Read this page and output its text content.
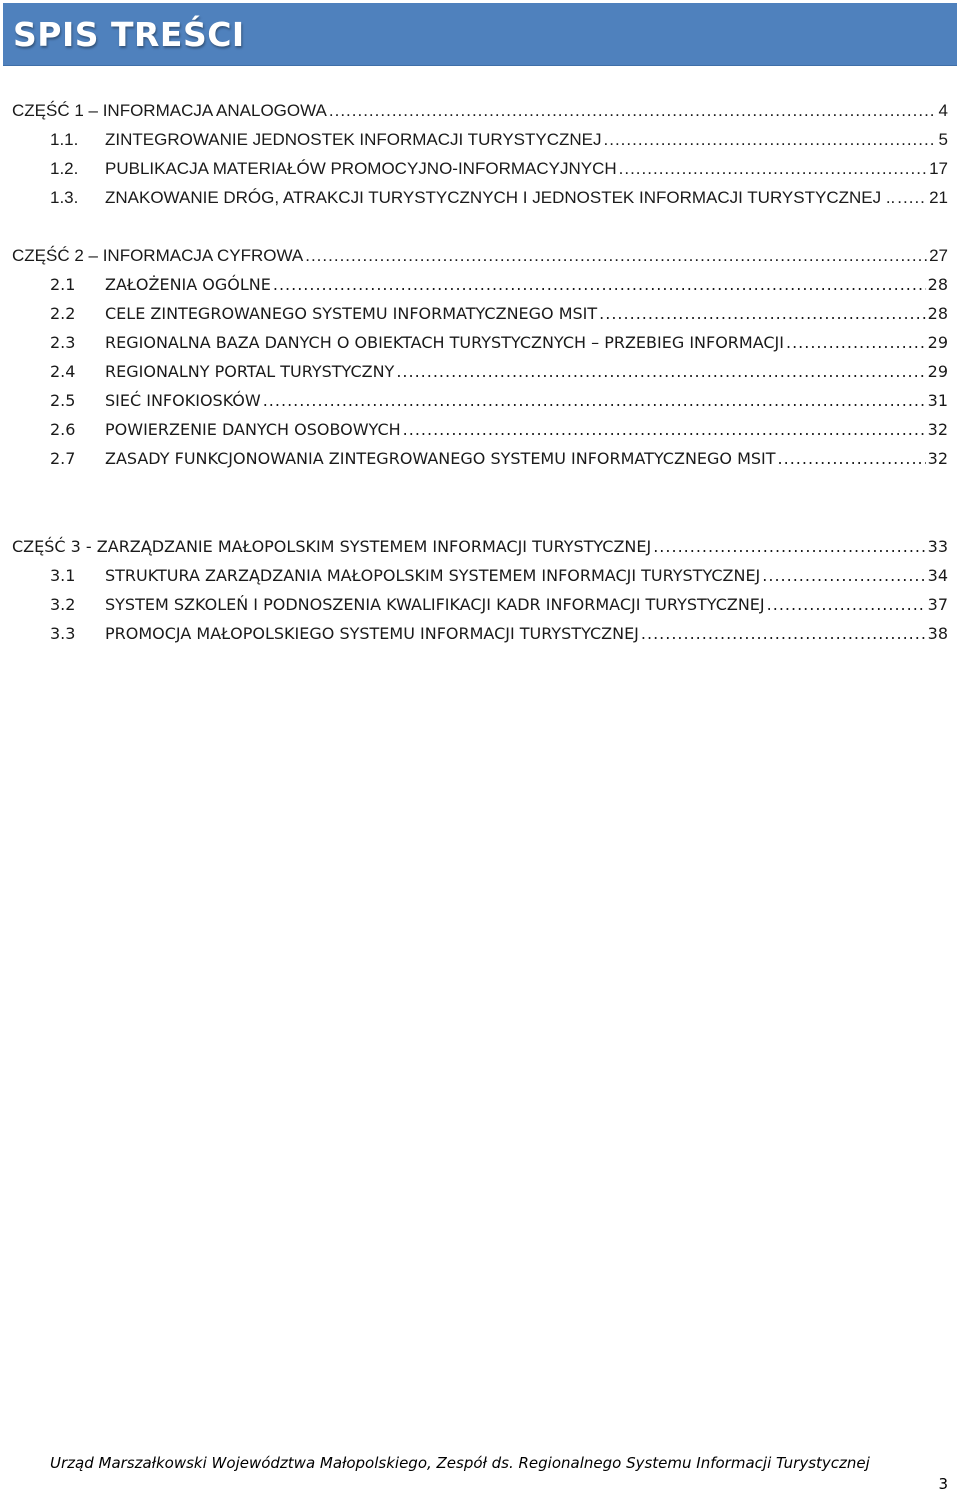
SPIS TREŚCI
CZĘŚĆ 1 – INFORMACJA ANALOGOWA .....	4
1.1.	ZINTEGROWANIE JEDNOSTEK INFORMACJI TURYSTYCZNEJ .....	5
1.2.	PUBLIKACJA MATERIAŁÓW PROMOCYJNO-INFORMACYJNYCH .....	17
1.3.	ZNAKOWANIE DRÓG, ATRAKCJI TURYSTYCZNYCH I JEDNOSTEK INFORMACJI TURYSTYCZNEJ .. ..... 21
CZĘŚĆ 2 – INFORMACJA CYFROWA .....	27
2.1	ZAŁOŻENIA OGÓLNE .....	28
2.2	CELE ZINTEGROWANEGO SYSTEMU INFORMATYCZNEGO MSIT .....	28
2.3	REGIONALNA BAZA DANYCH O OBIEKTACH TURYSTYCZNYCH – PRZEBIEG INFORMACJI .....	29
2.4	REGIONALNY PORTAL TURYSTYCZNY .....	29
2.5	SIEĆ INFOKIOSKÓW .....	31
2.6	POWIERZENIE DANYCH OSOBOWYCH .....	32
2.7	ZASADY FUNKCJONOWANIA ZINTEGROWANEGO SYSTEMU INFORMATYCZNEGO MSIT .....	32
CZĘŚĆ 3 - ZARZĄDZANIE MAŁOPOLSKIM SYSTEMEM INFORMACJI TURYSTYCZNEJ .....	33
3.1	STRUKTURA ZARZĄDZANIA MAŁOPOLSKIM SYSTEMEM INFORMACJI TURYSTYCZNEJ .....	34
3.2	SYSTEM SZKOLEŃ I PODNOSZENIA KWALIFIKACJI KADR INFORMACJI TURYSTYCZNEJ .....	37
3.3	PROMOCJA MAŁOPOLSKIEGO SYSTEMU INFORMACJI TURYSTYCZNEJ .....	38
Urząd Marszałkowski Województwa Małopolskiego, Zespół ds. Regionalnego Systemu Informacji Turystycznej
3
